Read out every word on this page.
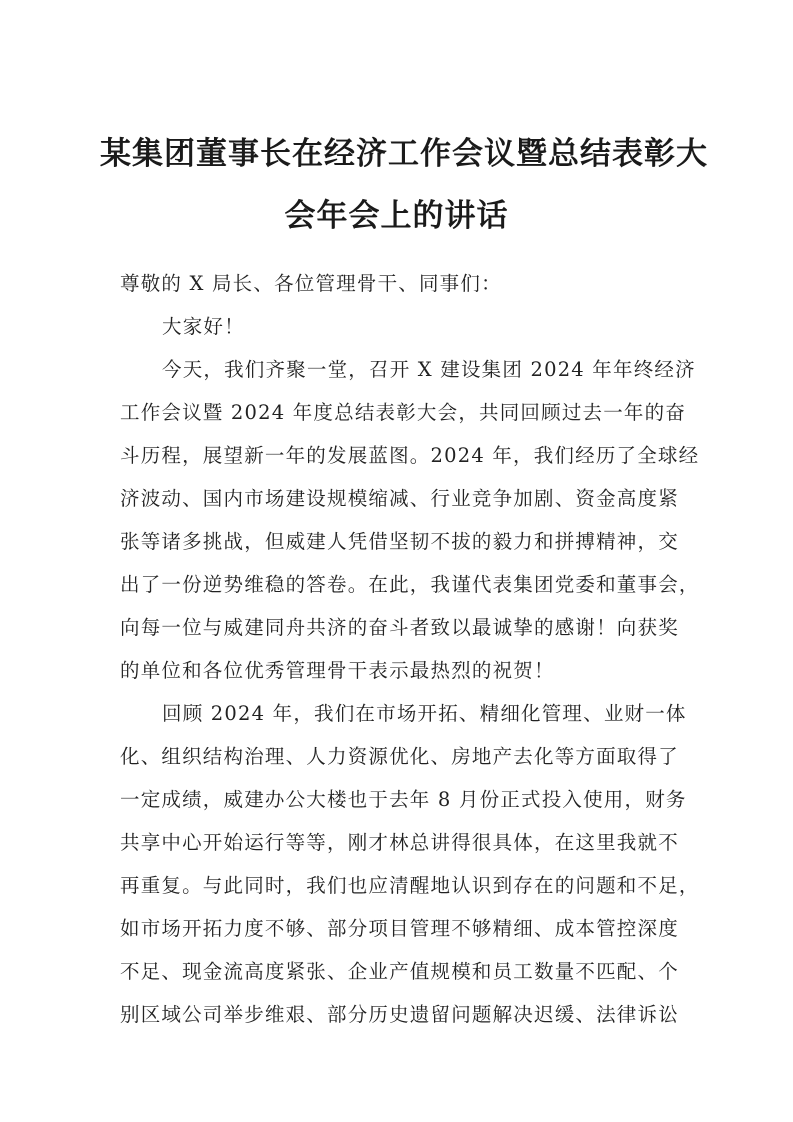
某集团董事长在经济工作会议暨总结表彰大
会年会上的讲话
尊敬的 X 局长、各位管理骨干、同事们：
大家好！
今天，我们齐聚一堂，召开 X 建设集团 2024 年年终经济
工作会议暨 2024 年度总结表彰大会，共同回顾过去一年的奋
斗历程，展望新一年的发展蓝图。2024 年，我们经历了全球经
济波动、国内市场建设规模缩减、行业竞争加剧、资金高度紧
张等诸多挑战，但威建人凭借坚韧不拔的毅力和拼搏精神，交
出了一份逆势维稳的答卷。在此，我谨代表集团党委和董事会，
向每一位与威建同舟共济的奋斗者致以最诚挚的感谢！向获奖
的单位和各位优秀管理骨干表示最热烈的祝贺！
回顾 2024 年，我们在市场开拓、精细化管理、业财一体
化、组织结构治理、人力资源优化、房地产去化等方面取得了
一定成绩，威建办公大楼也于去年 8 月份正式投入使用，财务
共享中心开始运行等等，刚才林总讲得很具体，在这里我就不
再重复。与此同时，我们也应清醒地认识到存在的问题和不足，
如市场开拓力度不够、部分项目管理不够精细、成本管控深度
不足、现金流高度紧张、企业产值规模和员工数量不匹配、个
别区域公司举步维艰、部分历史遗留问题解决迟缓、法律诉讼
